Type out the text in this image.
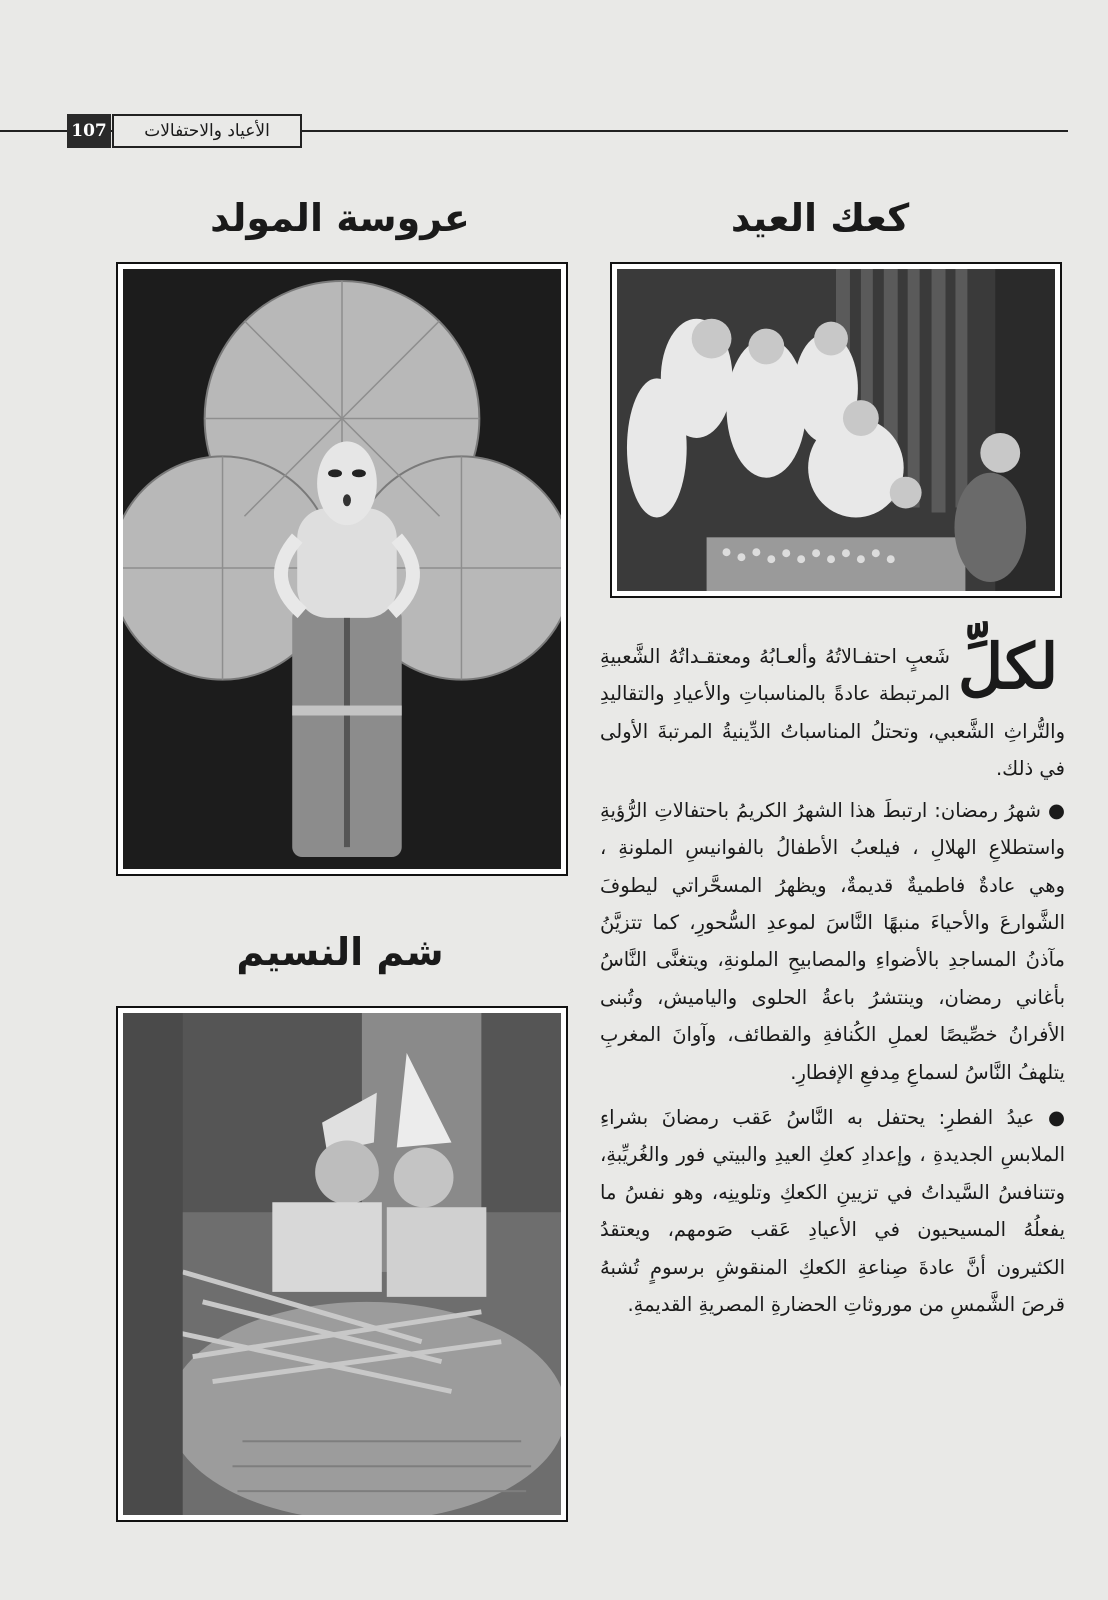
107	الأعياد والاحتفالات
كعك العيد
عروسة المولد
شم النسيم
لكلِّ

شَعبٍ احتفـالاتُهُ وألعـابُهُ ومعتقـداتُهُ الشَّعبيةِ

المرتبطة عادةً بالمناسباتِ والأعيادِ والتقاليدِ

والتُّراثِ الشَّعبي، وتحتلُ المناسباتُ الدِّينيةُ المرتبةَ الأولى في ذلك.

● شهرُ رمضان: ارتبطَ هذا الشهرُ الكريمُ باحتفالاتِ الرُّؤيةِ واستطلاعِ الهلالِ ، فيلعبُ الأطفالُ بالفوانيسِ الملونةِ ، وهي عادةٌ فاطميةٌ قديمةٌ، ويظهرُ المسحَّراتي ليطوفَ الشَّوارعَ والأحياءَ منبهًا النَّاسَ لموعدِ السُّحورِ، كما تتزيَّنُ مآذنُ المساجدِ بالأضواءِ والمصابيحِ الملونةِ، ويتغنَّى النَّاسُ بأغاني رمضان، وينتشرُ باعةُ الحلوى والياميش، وتُبنى الأفرانُ خصِّيصًا لعملِ الكُنافةِ والقطائف، وآوانَ المغربِ يتلهفُ النَّاسُ لسماعِ مِدفعِ الإفطارِ.

● عيدُ الفطرِ: يحتفل به النَّاسُ عَقب رمضانَ بشراءِ الملابسِ الجديدةِ ، وإعدادِ كعكِ العيدِ والبيتي فور والغُريِّبةِ، وتتنافسُ السَّيداتُ في تزيينِ الكعكِ وتلوينِه، وهو نفسُ ما يفعلُهُ المسيحيون في الأعيادِ عَقب صَومهم، ويعتقدُ الكثيرون أنَّ عادةَ صِناعةِ الكعكِ المنقوشِ برسومٍ تُشبهُ قرصَ الشَّمسِ من موروثاتِ الحضارةِ المصريةِ القديمةِ.
